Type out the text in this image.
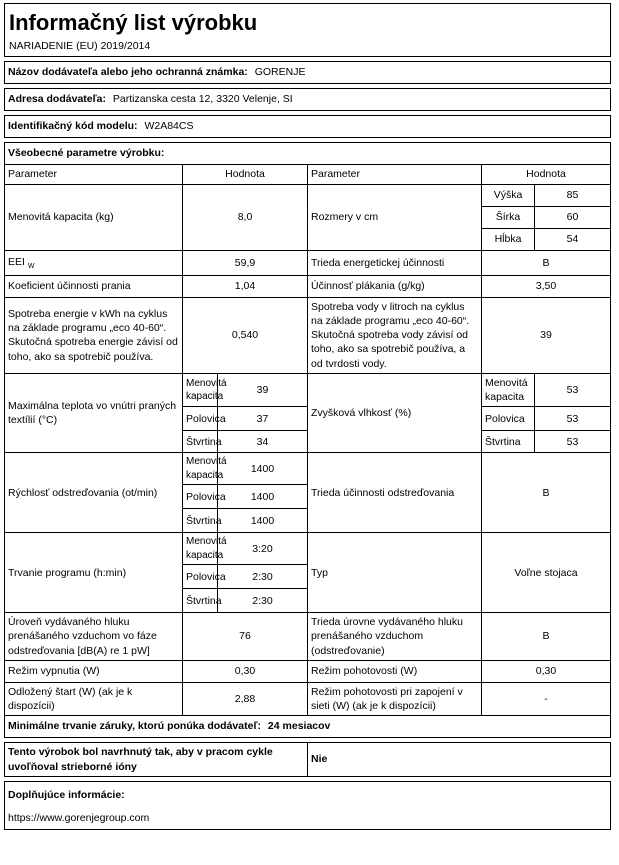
Informačný list výrobku					
NARIADENIE (EU) 2019/2014					

Názov dodávateľa alebo jeho ochranná známka: GORENJE					

Adresa dodávateľa: Partizanska cesta 12, 3320 Velenje, SI					

Identifikačný kód modelu: W2A84CS					

Všeobecné parametre výrobku:					
Parameter	Hodnota		Parameter	Hodnota	
Menovitá kapacita (kg)	8,0		Rozmery v cm	Výška	85
				Šírka	60
				Hĺbka	54
EEI $_W$	59,9		Trieda energetickej účinnosti	B	
Koeficient účinnosti prania	1,04		Účinnosť plákania (g/kg)	3,50	
Spotreba energie v kWh na cyklus na základe programu „eco 40-60“. Skutočná spotreba energie závisí od toho, ako sa spotrebič používa.	0,540		Spotreba vody v litroch na cyklus na základe programu „eco 40-60“. Skutočná spotreba vody závisí od toho, ako sa spotrebič používa, a od tvrdosti vody.	39	
Maximálna teplota vo vnútri praných textílií (°C)	Menovitá kapacita	39	Zvyšková vlhkosť (%)	Menovitá kapacita	53
	Polovica	37		Polovica	53
	Štvrtina	34		Štvrtina	53
Rýchlosť odstreďovania (ot/min)	Menovitá kapacita	1400	Trieda účinnosti odstreďovania	B	
	Polovica	1400			
	Štvrtina	1400			
Trvanie programu (h:min)	Menovitá kapacita	3:20	Typ	Voľne stojaca	
	Polovica	2:30			
	Štvrtina	2:30			
Úroveň vydávaného hluku prenášaného vzduchom vo fáze odstreďovania [dB(A) re 1 pW]	76		Trieda úrovne vydávaného hluku prenášaného vzduchom (odstreďovanie)	B	
Režim vypnutia (W)	0,30		Režim pohotovosti (W)	0,30	
Odložený štart (W) (ak je k dispozícii)	2,88		Režim pohotovosti pri zapojení v sieti (W) (ak je k dispozícii)	-	
Minimálne trvanie záruky, ktorú ponúka dodávateľ: 24 mesiacov					

Tento výrobok bol navrhnutý tak, aby v pracom cykle uvoľňoval strieborné ióny			Nie		

Doplňujúce informácie:					
https://www.gorenjegroup.com					
